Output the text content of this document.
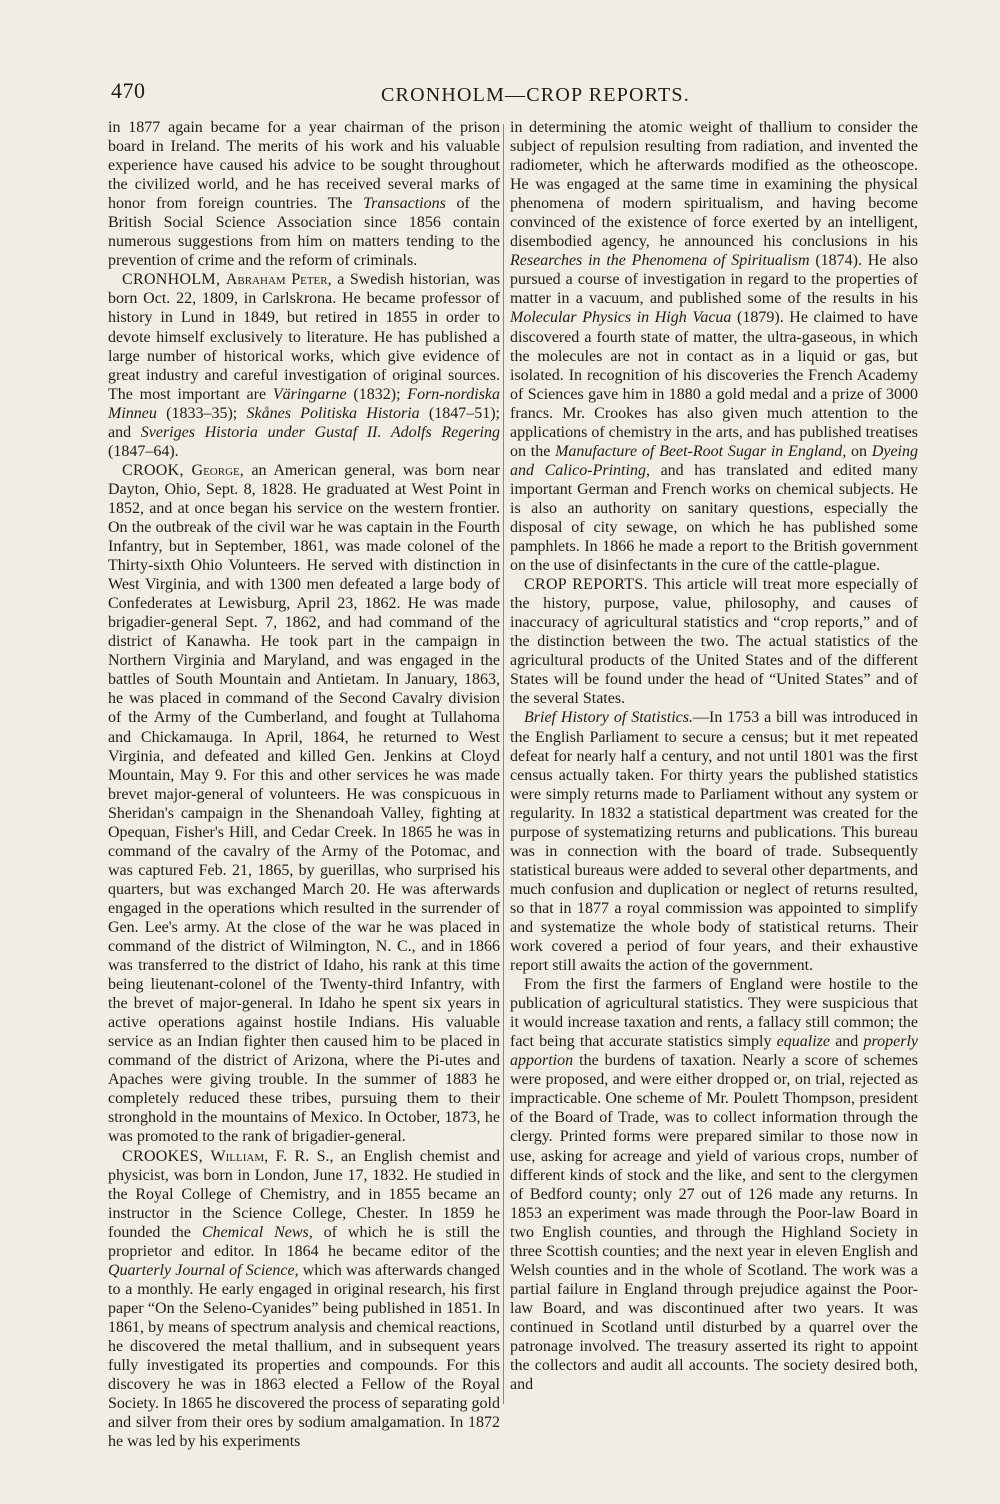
470	CRONHOLM—CROP REPORTS.

in 1877 again became for a year chairman of the prison board in Ireland. The merits of his work and his valuable experience have caused his advice to be sought throughout the civilized world, and he has received several marks of honor from foreign countries. The Transactions of the British Social Science Association since 1856 contain numerous suggestions from him on matters tending to the prevention of crime and the reform of criminals.

CRONHOLM, Abraham Peter, a Swedish historian, was born Oct. 22, 1809, in Carlskrona. He became professor of history in Lund in 1849, but retired in 1855 in order to devote himself exclusively to literature. He has published a large number of historical works, which give evidence of great industry and careful investigation of original sources. The most important are Väringarne (1832); Forn-nordiska Minneu (1833–35); Skånes Politiska Historia (1847–51); and Sveriges Historia under Gustaf II. Adolfs Regering (1847–64).

CROOK, George, an American general, was born near Dayton, Ohio, Sept. 8, 1828. He graduated at West Point in 1852, and at once began his service on the western frontier. On the outbreak of the civil war he was captain in the Fourth Infantry, but in September, 1861, was made colonel of the Thirty-sixth Ohio Volunteers. He served with distinction in West Virginia, and with 1300 men defeated a large body of Confederates at Lewisburg, April 23, 1862. He was made brigadier-general Sept. 7, 1862, and had command of the district of Kanawha. He took part in the campaign in Northern Virginia and Maryland, and was engaged in the battles of South Mountain and Antietam. In January, 1863, he was placed in command of the Second Cavalry division of the Army of the Cumberland, and fought at Tullahoma and Chickamauga. In April, 1864, he returned to West Virginia, and defeated and killed Gen. Jenkins at Cloyd Mountain, May 9. For this and other services he was made brevet major-general of volunteers. He was conspicuous in Sheridan's campaign in the Shenandoah Valley, fighting at Opequan, Fisher's Hill, and Cedar Creek. In 1865 he was in command of the cavalry of the Army of the Potomac, and was captured Feb. 21, 1865, by guerillas, who surprised his quarters, but was exchanged March 20. He was afterwards engaged in the operations which resulted in the surrender of Gen. Lee's army. At the close of the war he was placed in command of the district of Wilmington, N. C., and in 1866 was transferred to the district of Idaho, his rank at this time being lieutenant-colonel of the Twenty-third Infantry, with the brevet of major-general. In Idaho he spent six years in active operations against hostile Indians. His valuable service as an Indian fighter then caused him to be placed in command of the district of Arizona, where the Pi-utes and Apaches were giving trouble. In the summer of 1883 he completely reduced these tribes, pursuing them to their stronghold in the mountains of Mexico. In October, 1873, he was promoted to the rank of brigadier-general.

CROOKES, William, F. R. S., an English chemist and physicist, was born in London, June 17, 1832. He studied in the Royal College of Chemistry, and in 1855 became an instructor in the Science College, Chester. In 1859 he founded the Chemical News, of which he is still the proprietor and editor. In 1864 he became editor of the Quarterly Journal of Science, which was afterwards changed to a monthly. He early engaged in original research, his first paper “On the Seleno-Cyanides” being published in 1851. In 1861, by means of spectrum analysis and chemical reactions, he discovered the metal thallium, and in subsequent years fully investigated its properties and compounds. For this discovery he was in 1863 elected a Fellow of the Royal Society. In 1865 he discovered the process of separating gold and silver from their ores by sodium amalgamation. In 1872 he was led by his experiments

in determining the atomic weight of thallium to consider the subject of repulsion resulting from radiation, and invented the radiometer, which he afterwards modified as the otheoscope. He was engaged at the same time in examining the physical phenomena of modern spiritualism, and having become convinced of the existence of force exerted by an intelligent, disembodied agency, he announced his conclusions in his Researches in the Phenomena of Spiritualism (1874). He also pursued a course of investigation in regard to the properties of matter in a vacuum, and published some of the results in his Molecular Physics in High Vacua (1879). He claimed to have discovered a fourth state of matter, the ultra-gaseous, in which the molecules are not in contact as in a liquid or gas, but isolated. In recognition of his discoveries the French Academy of Sciences gave him in 1880 a gold medal and a prize of 3000 francs. Mr. Crookes has also given much attention to the applications of chemistry in the arts, and has published treatises on the Manufacture of Beet-Root Sugar in England, on Dyeing and Calico-Printing, and has translated and edited many important German and French works on chemical subjects. He is also an authority on sanitary questions, especially the disposal of city sewage, on which he has published some pamphlets. In 1866 he made a report to the British government on the use of disinfectants in the cure of the cattle-plague.

CROP REPORTS. This article will treat more especially of the history, purpose, value, philosophy, and causes of inaccuracy of agricultural statistics and “crop reports,” and of the distinction between the two. The actual statistics of the agricultural products of the United States and of the different States will be found under the head of “United States” and of the several States.

Brief History of Statistics.—In 1753 a bill was introduced in the English Parliament to secure a census; but it met repeated defeat for nearly half a century, and not until 1801 was the first census actually taken. For thirty years the published statistics were simply returns made to Parliament without any system or regularity. In 1832 a statistical department was created for the purpose of systematizing returns and publications. This bureau was in connection with the board of trade. Subsequently statistical bureaus were added to several other departments, and much confusion and duplication or neglect of returns resulted, so that in 1877 a royal commission was appointed to simplify and systematize the whole body of statistical returns. Their work covered a period of four years, and their exhaustive report still awaits the action of the government.

From the first the farmers of England were hostile to the publication of agricultural statistics. They were suspicious that it would increase taxation and rents, a fallacy still common; the fact being that accurate statistics simply equalize and properly apportion the burdens of taxation. Nearly a score of schemes were proposed, and were either dropped or, on trial, rejected as impracticable. One scheme of Mr. Poulett Thompson, president of the Board of Trade, was to collect information through the clergy. Printed forms were prepared similar to those now in use, asking for acreage and yield of various crops, number of different kinds of stock and the like, and sent to the clergymen of Bedford county; only 27 out of 126 made any returns. In 1853 an experiment was made through the Poor-law Board in two English counties, and through the Highland Society in three Scottish counties; and the next year in eleven English and Welsh counties and in the whole of Scotland. The work was a partial failure in England through prejudice against the Poor-law Board, and was discontinued after two years. It was continued in Scotland until disturbed by a quarrel over the patronage involved. The treasury asserted its right to appoint the collectors and audit all accounts. The society desired both, and
